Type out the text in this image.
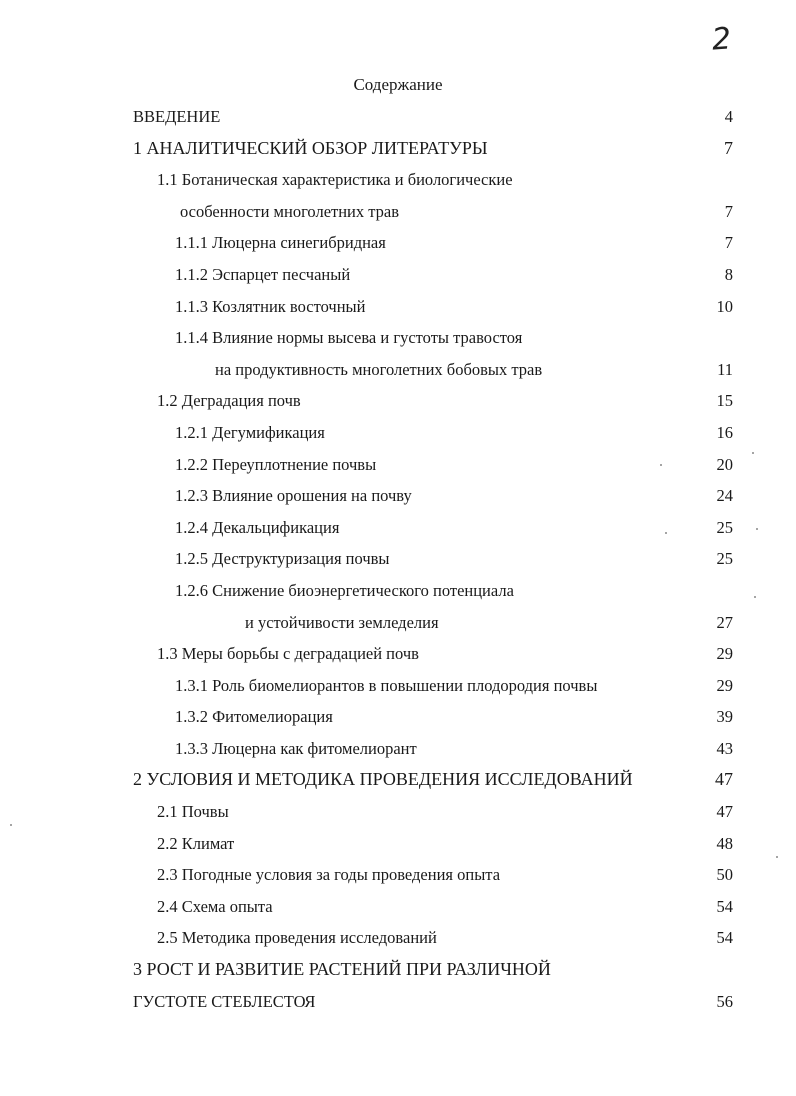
2
Содержание
ВВЕДЕНИЕ	4
1 АНАЛИТИЧЕСКИЙ ОБЗОР ЛИТЕРАТУРЫ	7
1.1 Ботаническая характеристика и биологические
особенности многолетних трав	7
1.1.1 Люцерна синегибридная	7
1.1.2 Эспарцет песчаный	8
1.1.3 Козлятник восточный	10
1.1.4 Влияние нормы высева и густоты травостоя
на продуктивность многолетних бобовых трав	11
1.2 Деградация почв	15
1.2.1 Дегумификация	16
1.2.2 Переуплотнение почвы	20
1.2.3 Влияние орошения на почву	24
1.2.4 Декальцификация	25
1.2.5 Деструктуризация почвы	25
1.2.6 Снижение биоэнергетического потенциала
и устойчивости земледелия	27
1.3 Меры борьбы с деградацией почв	29
1.3.1 Роль биомелиорантов в повышении плодородия почвы	29
1.3.2 Фитомелиорация	39
1.3.3 Люцерна как фитомелиорант	43
2 УСЛОВИЯ И МЕТОДИКА ПРОВЕДЕНИЯ ИССЛЕДОВАНИЙ	47
2.1 Почвы	47
2.2 Климат	48
2.3 Погодные условия за годы проведения опыта	50
2.4 Схема опыта	54
2.5 Методика проведения исследований	54
3 РОСТ И РАЗВИТИЕ РАСТЕНИЙ ПРИ РАЗЛИЧНОЙ
ГУСТОТЕ СТЕБЛЕСТОЯ	56
